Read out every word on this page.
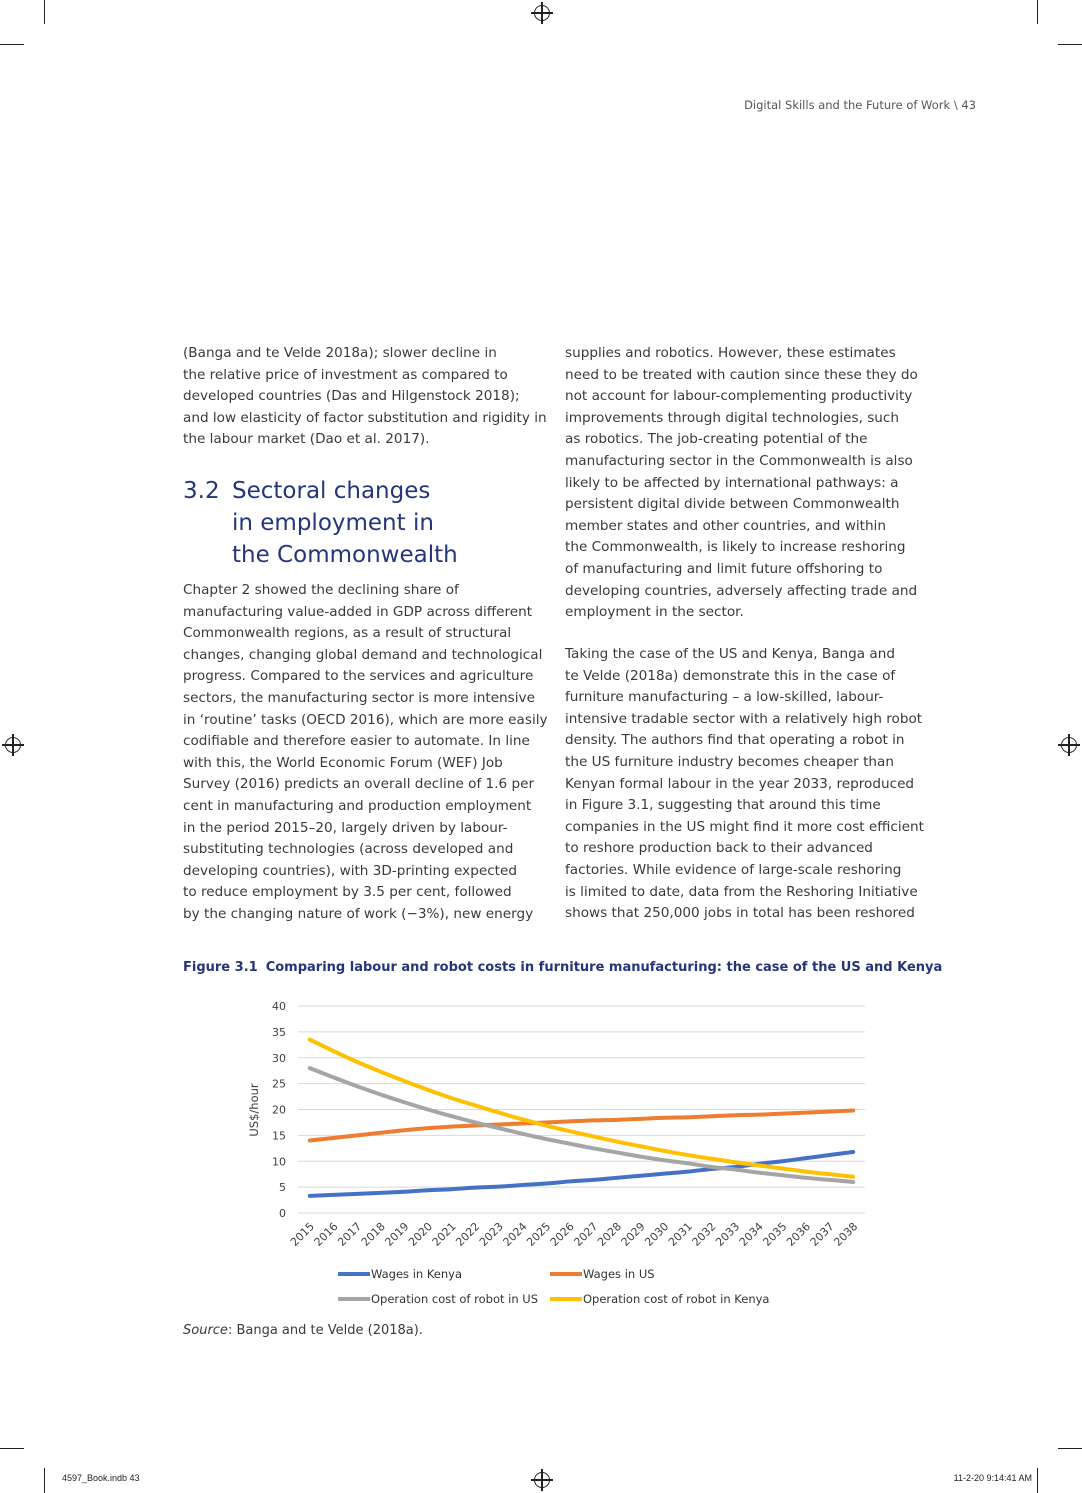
Digital Skills and the Future of Work \ 43
(Banga and te Velde 2018a); slower decline in
the relative price of investment as compared to
developed countries (Das and Hilgenstock 2018);
and low elasticity of factor substitution and rigidity in
the labour market (Dao et al. 2017).
3.2 Sectoral changes
in employment in
the Commonwealth
Chapter 2 showed the declining share of
manufacturing value-added in GDP across different
Commonwealth regions, as a result of structural
changes, changing global demand and technological
progress. Compared to the services and agriculture
sectors, the manufacturing sector is more intensive
in ‘routine’ tasks (OECD 2016), which are more easily
codifiable and therefore easier to automate. In line
with this, the World Economic Forum (WEF) Job
Survey (2016) predicts an overall decline of 1.6 per
cent in manufacturing and production employment
in the period 2015–20, largely driven by labour-
substituting technologies (across developed and
developing countries), with 3D-printing expected
to reduce employment by 3.5 per cent, followed
by the changing nature of work (−3%), new energy
supplies and robotics. However, these estimates
need to be treated with caution since these they do
not account for labour-complementing productivity
improvements through digital technologies, such
as robotics. The job-creating potential of the
manufacturing sector in the Commonwealth is also
likely to be affected by international pathways: a
persistent digital divide between Commonwealth
member states and other countries, and within
the Commonwealth, is likely to increase reshoring
of manufacturing and limit future offshoring to
developing countries, adversely affecting trade and
employment in the sector.
Taking the case of the US and Kenya, Banga and
te Velde (2018a) demonstrate this in the case of
furniture manufacturing – a low-skilled, labour-
intensive tradable sector with a relatively high robot
density. The authors find that operating a robot in
the US furniture industry becomes cheaper than
Kenyan formal labour in the year 2033, reproduced
in Figure 3.1, suggesting that around this time
companies in the US might find it more cost efficient
to reshore production back to their advanced
factories. While evidence of large-scale reshoring
is limited to date, data from the Reshoring Initiative
shows that 250,000 jobs in total has been reshored
Figure 3.1 Comparing labour and robot costs in furniture manufacturing: the case of the US and Kenya
0
5
10
15
20
25
30
35
40
US$/hour
2015
2016
2017
2018
2019
2020
2021
2022
2023
2024
2025
2026
2027
2028
2029
2030
2031
2032
2033
2034
2035
2036
2037
2038
Wages in Kenya	Wages in US
Operation cost of robot in US	Operation cost of robot in Kenya
Source: Banga and te Velde (2018a).
4597_Book.indb 43	11-2-20 9:14:41 AM
